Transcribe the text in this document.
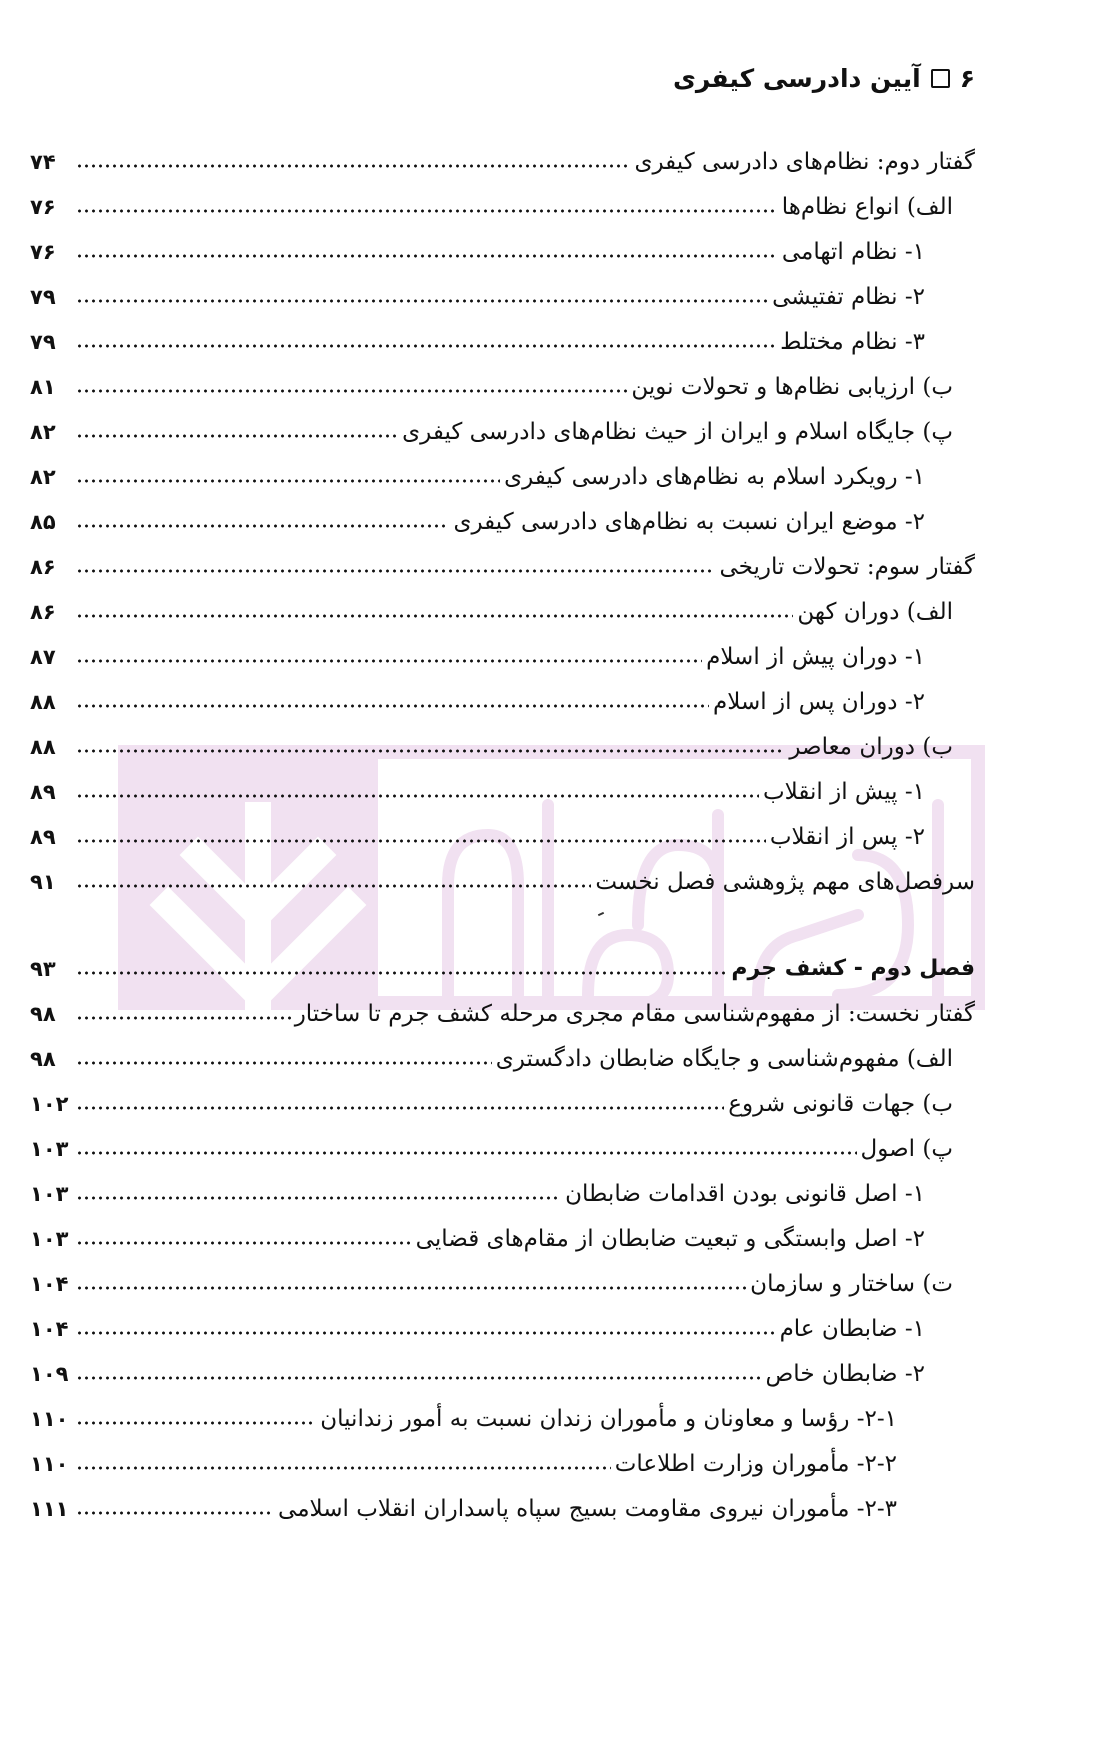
۶
آیین دادرسی کیفری
گفتار دوم: نظام‌های دادرسی کیفری
۷۴
الف) انواع نظام‌ها
۷۶
۱- نظام اتهامی
۷۶
۲- نظام تفتیشی
۷۹
۳- نظام مختلط
۷۹
ب) ارزیابی نظام‌ها و تحولات نوین
۸۱
پ) جایگاه اسلام و ایران از حیث نظام‌های دادرسی کیفری
۸۲
۱- رویکرد اسلام به نظام‌های دادرسی کیفری
۸۲
۲- موضع ایران نسبت به نظام‌های دادرسی کیفری
۸۵
گفتار سوم: تحولات تاریخی
۸۶
الف) دوران کهن
۸۶
۱- دوران پیش از اسلام
۸۷
۲- دوران پس از اسلام
۸۸
ب) دوران معاصر
۸۸
۱- پیش از انقلاب
۸۹
۲- پس از انقلاب
۸۹
سرفصل‌های مهم پژوهشی فصل نخست
۹۱
فصل دوم - کشف جرم
۹۳
گفتار نخست: از مفهوم‌شناسی مقام مجری مرحله کشف جرم تا ساختار
۹۸
الف) مفهوم‌شناسی و جایگاه ضابطان دادگستری
۹۸
ب) جهات قانونی شروع
۱۰۲
پ) اصول
۱۰۳
۱- اصل قانونی بودن اقدامات ضابطان
۱۰۳
۲- اصل وابستگی و تبعیت ضابطان از مقام‌های قضایی
۱۰۳
ت) ساختار و سازمان
۱۰۴
۱- ضابطان عام
۱۰۴
۲- ضابطان خاص
۱۰۹
۲-۱- رؤسا و معاونان و مأموران زندان نسبت به أمور زندانیان
۱۱۰
۲-۲- مأموران وزارت اطلاعات
۱۱۰
۲-۳- مأموران نیروی مقاومت بسیج سپاه پاسداران انقلاب اسلامی
۱۱۱
